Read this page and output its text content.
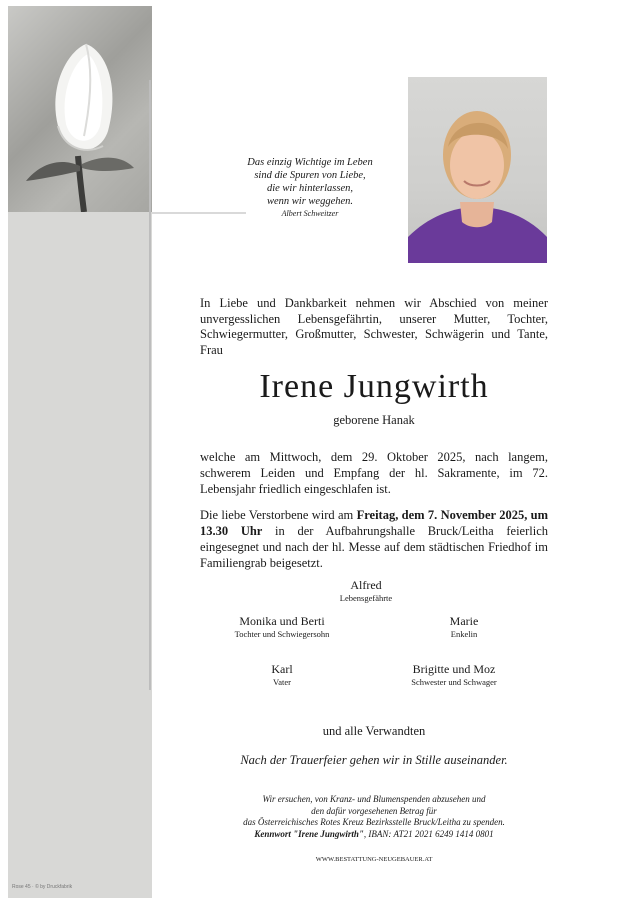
Rose 45 · © by Druckfabrik
Das einzig Wichtige im Leben
sind die Spuren von Liebe,
die wir hinterlassen,
wenn wir weggehen.
Albert Schweitzer
In Liebe und Dankbarkeit nehmen wir Abschied von meiner unvergesslichen Lebensgefährtin, unserer Mutter, Tochter, Schwiegermutter, Großmutter, Schwester, Schwägerin und Tante, Frau
Irene Jungwirth
geborene Hanak
welche am Mittwoch, dem 29. Oktober 2025, nach langem, schwerem Leiden und Empfang der hl. Sakramente, im 72. Lebensjahr friedlich eingeschlafen ist.
Die liebe Verstorbene wird am Freitag, dem 7. November 2025, um 13.30 Uhr in der Aufbahrungshalle Bruck/Leitha feierlich eingesegnet und nach der hl. Messe auf dem städtischen Friedhof im Familiengrab beigesetzt.
Alfred
Lebensgefährte
Monika und Berti
Tochter und Schwiegersohn
Marie
Enkelin
Karl
Vater
Brigitte und Moz
Schwester und Schwager
und alle Verwandten
Nach der Trauerfeier gehen wir in Stille auseinander.
Wir ersuchen, von Kranz- und Blumenspenden abzusehen und
den dafür vorgesehenen Betrag für
das Österreichisches Rotes Kreuz Bezirksstelle Bruck/Leitha zu spenden.
Kennwort "Irene Jungwirth", IBAN: AT21 2021 6249 1414 0801
WWW.BESTATTUNG-NEUGEBAUER.AT
